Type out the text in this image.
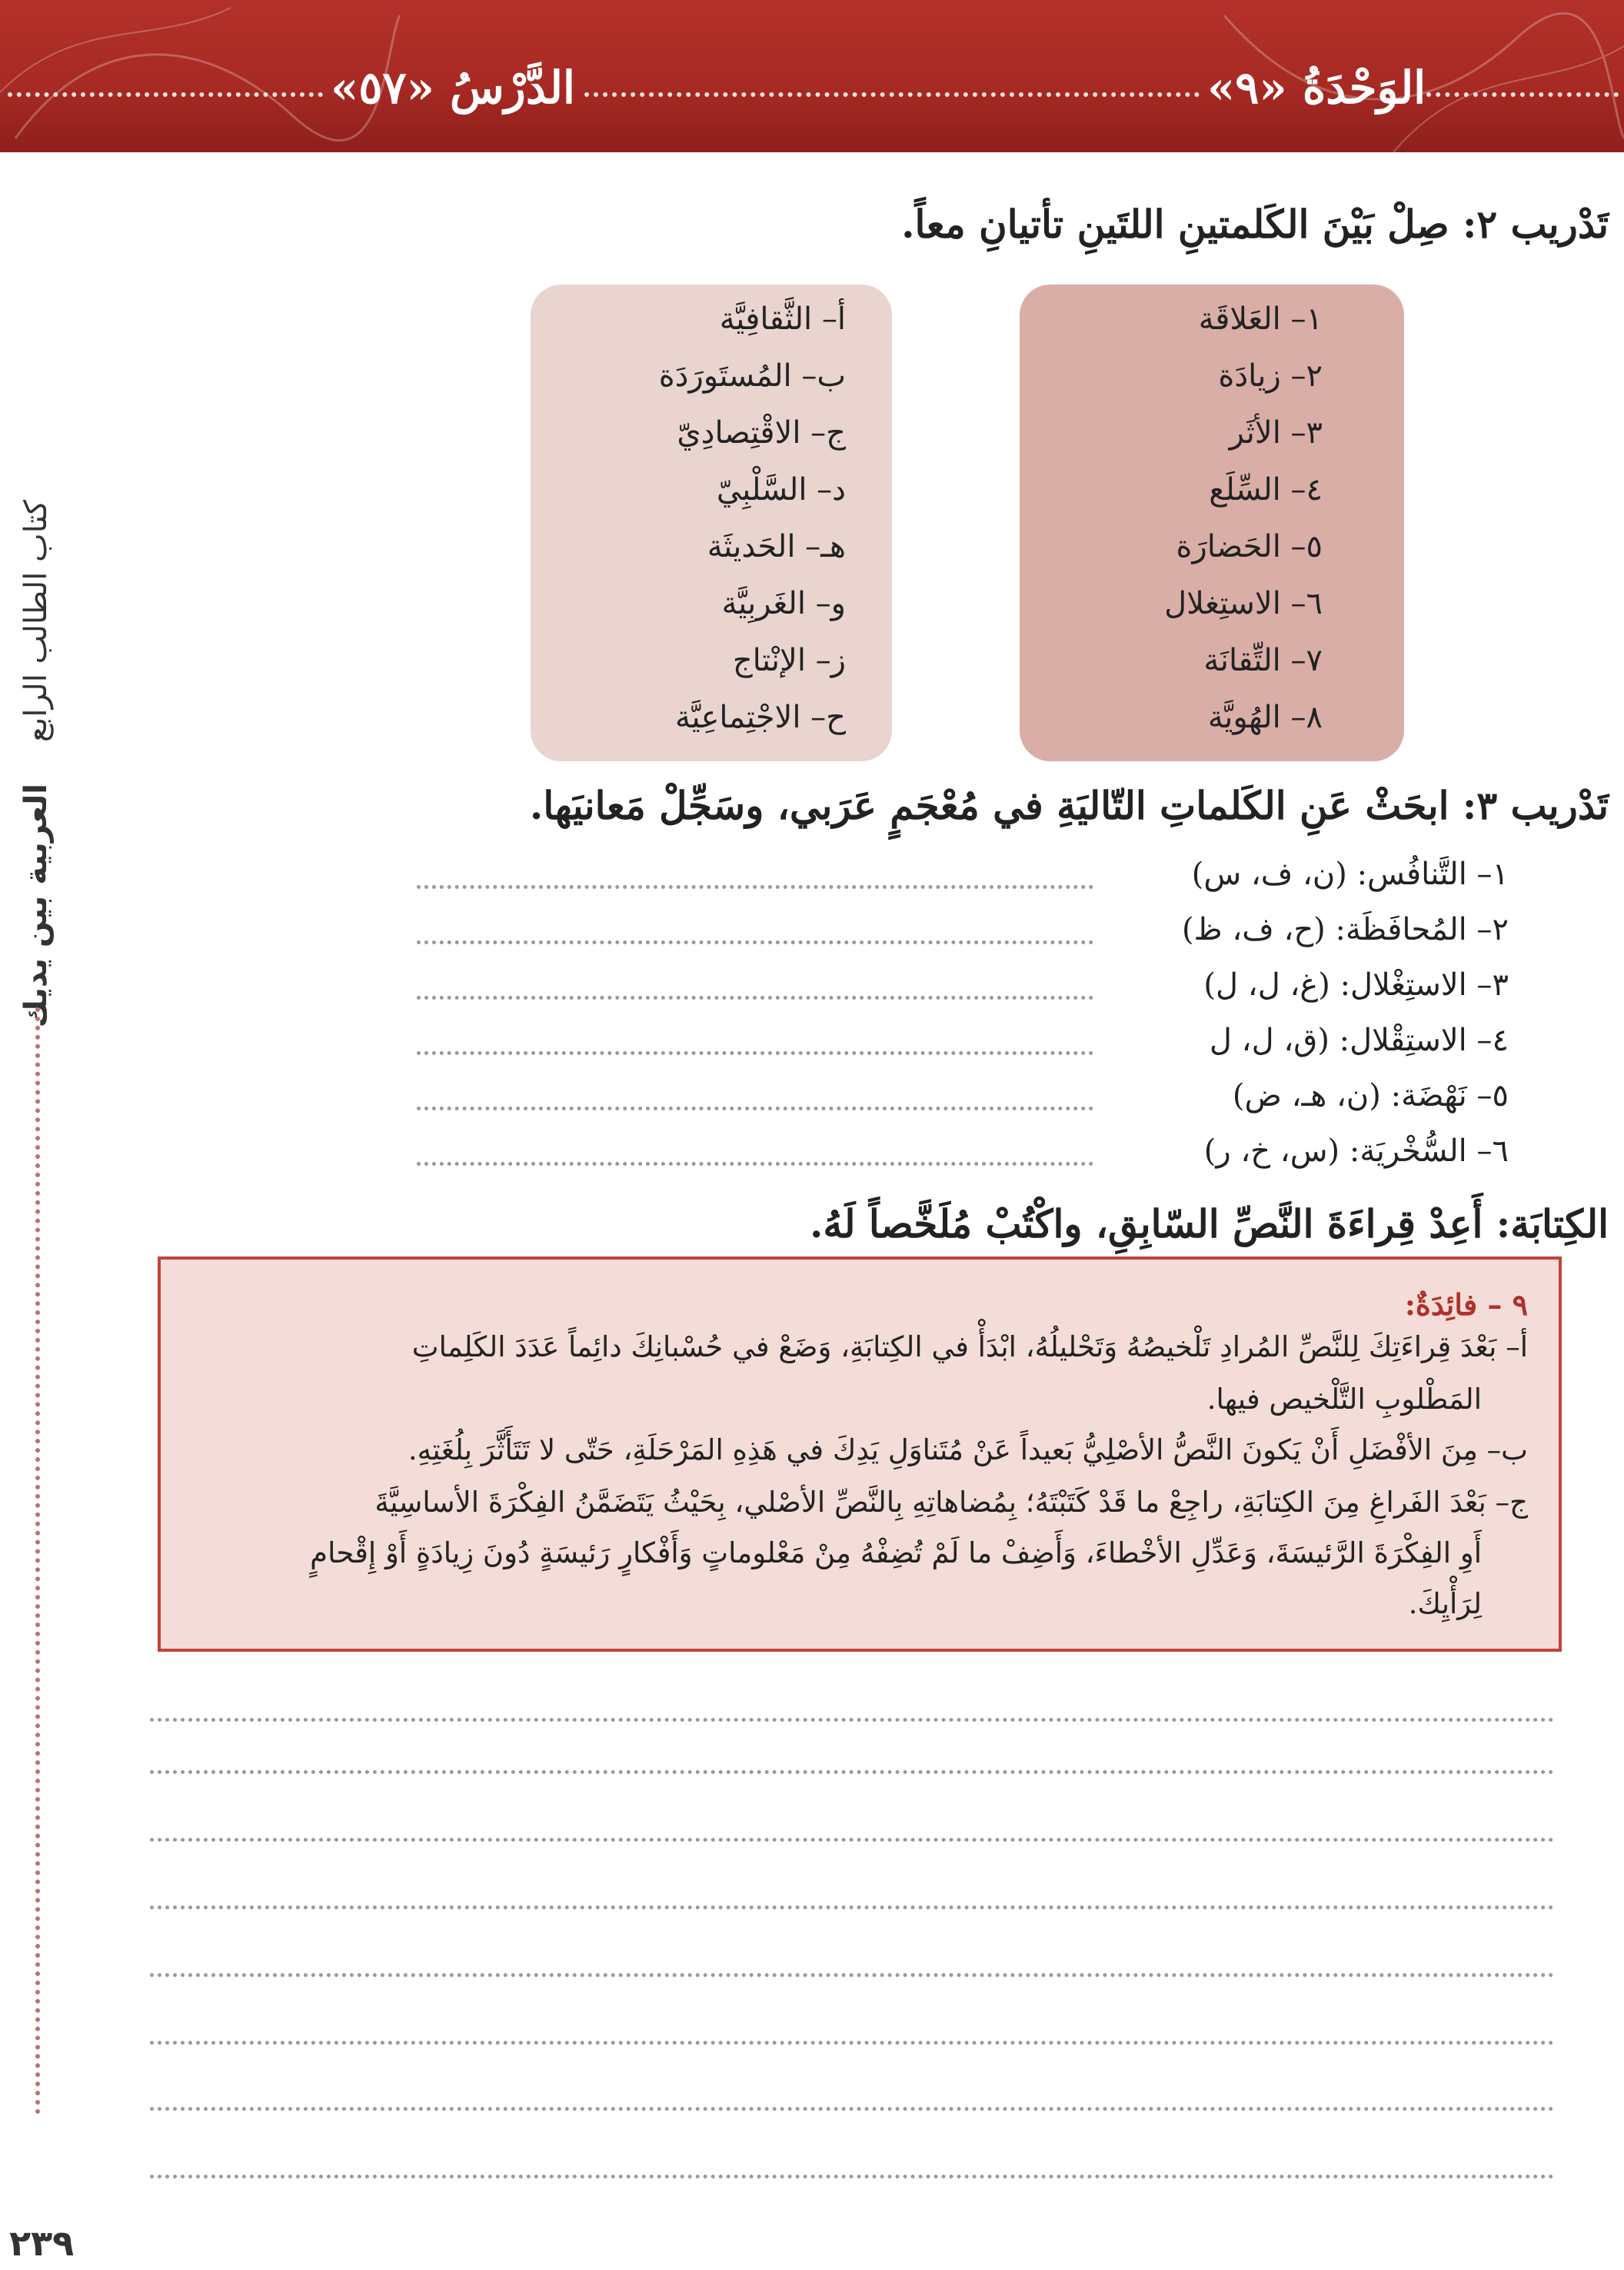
الدَّرْسُ «٥٧»	الوَحْدَةُ «٩»

كتاب الطالب الرابع العربية بين يديك
تَدْريب ٢: صِلْ بَيْنَ الكَلمتينِ اللتَينِ تأتيانِ معاً.
١– العَلاقَة
٢– زيادَة
٣– الأثَر
٤– السِّلَع
٥– الحَضارَة
٦– الاستِغلال
٧– التِّقانَة
٨– الهُويَّة
أ– الثَّقافِيَّة
ب– المُستَورَدَة
ج– الاقْتِصادِيّ
د– السَّلْبِيّ
هـ– الحَديثَة
و– الغَربِيَّة
ز– الإنْتاج
ح– الاجْتِماعِيَّة
تَدْريب ٣: ابحَثْ عَنِ الكَلماتِ التّاليَةِ في مُعْجَمٍ عَرَبي، وسَجِّلْ مَعانيَها.
١– التَّنافُس: (ن، ف، س)
٢– المُحافَظَة: (ح، ف، ظ)
٣– الاستِغْلال: (غ، ل، ل)
٤– الاستِقْلال: (ق، ل، ل
٥– نَهْضَة: (ن، هـ، ض)
٦– السُّخْريَة: (س، خ، ر)
الكِتابَة: أَعِدْ قِراءَةَ النَّصِّ السّابِقِ، واكْتُبْ مُلَخَّصاً لَهُ.
٩ – فائِدَةٌ:
أ– بَعْدَ قِراءَتِكَ لِلنَّصِّ المُرادِ تَلْخيصُهُ وَتَحْليلُهُ، ابْدَأْ في الكِتابَةِ، وَضَعْ في حُسْبانِكَ دائِماً عَدَدَ الكَلِماتِ
المَطْلوبِ التَّلْخيص فيها.
ب– مِنَ الأفْضَلِ أَنْ يَكونَ النَّصُّ الأصْلِيُّ بَعيداً عَنْ مُتَناوَلِ يَدِكَ في هَذِهِ المَرْحَلَةِ، حَتّى لا تَتَأَثَّرَ بِلُغَتِهِ.
ج– بَعْدَ الفَراغِ مِنَ الكِتابَةِ، راجِعْ ما قَدْ كَتَبْتَهُ؛ بِمُضاهاتِهِ بِالنَّصِّ الأصْلي، بِحَيْثُ يَتَضَمَّنُ الفِكْرَةَ الأساسِيَّةَ
أَوِ الفِكْرَةَ الرَّئيسَةَ، وَعَدِّلِ الأخْطاءَ، وَأَضِفْ ما لَمْ تُضِفْهُ مِنْ مَعْلوماتٍ وَأَفْكارٍ رَئيسَةٍ دُونَ زِيادَةٍ أَوْ إِقْحامٍ
لِرَأْيِكَ.
٢٣٩
